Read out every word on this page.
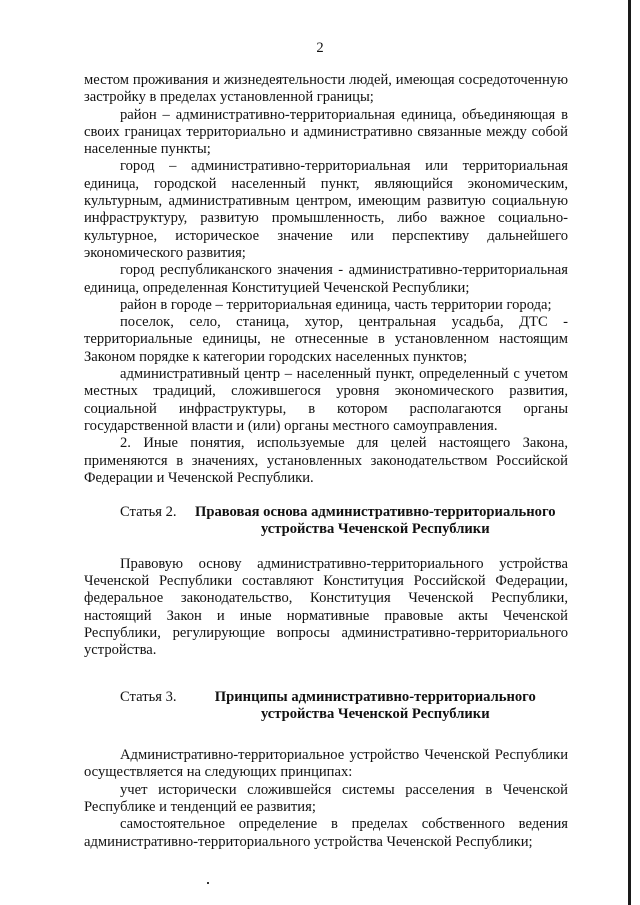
2

местом проживания и жизнедеятельности людей, имеющая сосредоточенную застройку в пределах установленной границы;

район – административно-территориальная единица, объединяющая в своих границах территориально и административно связанные между собой населенные пункты;

город – административно-территориальная или территориальная единица, городской населенный пункт, являющийся экономическим, культурным, административным центром, имеющим развитую социальную инфраструктуру, развитую промышленность, либо важное социально-культурное, историческое значение или перспективу дальнейшего экономического развития;

город республиканского значения - административно-территориальная единица, определенная Конституцией Чеченской Республики;

район в городе – территориальная единица, часть территории города;

поселок, село, станица, хутор, центральная усадьба, ДТС - территориальные единицы, не отнесенные в установленном настоящим Законом порядке к категории городских населенных пунктов;

административный центр – населенный пункт, определенный с учетом местных традиций, сложившегося уровня экономического развития, социальной инфраструктуры, в котором располагаются органы государственной власти и (или) органы местного самоуправления.

2. Иные понятия, используемые для целей настоящего Закона, применяются в значениях, установленных законодательством Российской Федерации и Чеченской Республики.

Статья 2.	Правовая основа административно-территориального устройства Чеченской Республики

Правовую основу административно-территориального устройства Чеченской Республики составляют Конституция Российской Федерации, федеральное законодательство, Конституция Чеченской Республики, настоящий Закон и иные нормативные правовые акты Чеченской Республики, регулирующие вопросы административно-территориального устройства.

Статья 3.	Принципы административно-территориального устройства Чеченской Республики

Административно-территориальное устройство Чеченской Республики осуществляется на следующих принципах:

учет исторически сложившейся системы расселения в Чеченской Республике и тенденций ее развития;

самостоятельное определение в пределах собственного ведения административно-территориального устройства Чеченской Республики;
